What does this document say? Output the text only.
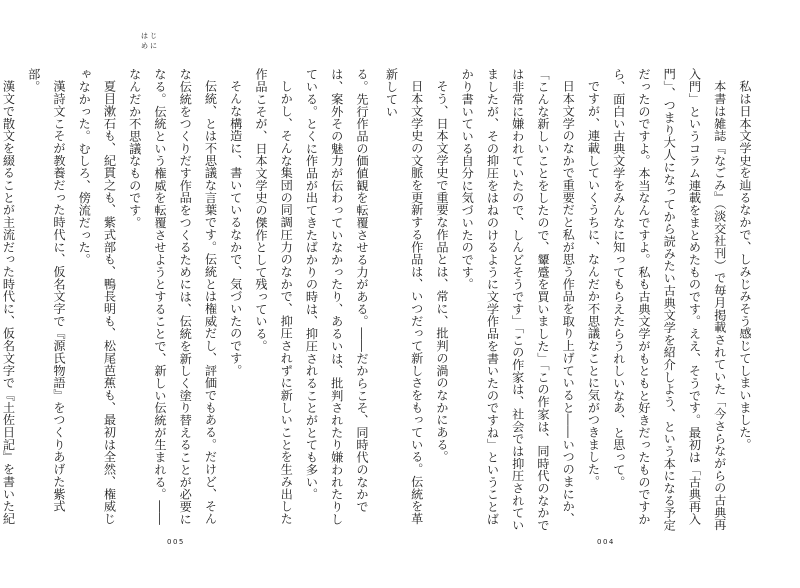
はじめに

る。先行作品の価値観を転覆させる力がある。――だからこそ、同時代のなかでは、案外その魅力が伝わっていなかったり、あるいは、批判されたり嫌われたりしている。とくに作品が出てきたばかりの時は、抑圧されることがとても多い。

しかし、そんな集団の同調圧力のなかで、抑圧されずに新しいことを生み出した作品こそが、日本文学史の傑作として残っている。

そんな構造に、書いているなかで、気づいたのです。

伝統、とは不思議な言葉です。伝統とは権威だし、評価でもある。だけど、そんな伝統をつくりだす作品をつくるためには、伝統を新しく塗り替えることが必要になる。伝統という権威を転覆させようとすることで、新しい伝統が生まれる。――なんだか不思議なものです。

夏目漱石も、紀貫之も、紫式部も、鴨長明も、松尾芭蕉も、最初は全然、権威じゃなかった。むしろ、傍流だった。

漢詩文こそが教養だった時代に、仮名文字で『源氏物語』をつくりあげた紫式部。

漢文で散文を綴ることが主流だった時代に、仮名文字で『土佐日記』を書いた紀

005

私は日本文学史を辿るなかで、しみじみそう感じてしまいました。

本書は雑誌『なごみ』（淡交社刊）で毎月掲載されていた「今さらながらの古典再入門」というコラム連載をまとめたものです。ええ、そうです。最初は「古典再入門」、つまり大人になってから読みたい古典文学を紹介しよう、という本になる予定だったのですよ。本当なんですよ。私も古典文学がもともと好きだったものですから、面白い古典文学をみんなに知ってもらえたらうれしいなあ、と思って。

ですが、連載していくうちに、なんだか不思議なことに気がつきました。

日本文学のなかで重要だと私が思う作品を取り上げていると――いつのまにか、「こんな新しいことをしたので、顰蹙を買いました」「この作家は、同時代のなかでは非常に嫌われていたので、しんどそうです」「この作家は、社会では抑圧されていましたが、その抑圧をはねのけるように文学作品を書いたのですね」ということばかり書いている自分に気づいたのです。

そう、日本文学史で重要な作品とは、常に、批判の渦のなかにある。

日本文学史の文脈を更新する作品は、いつだって新しさをもっている。伝統を革新してい

004
